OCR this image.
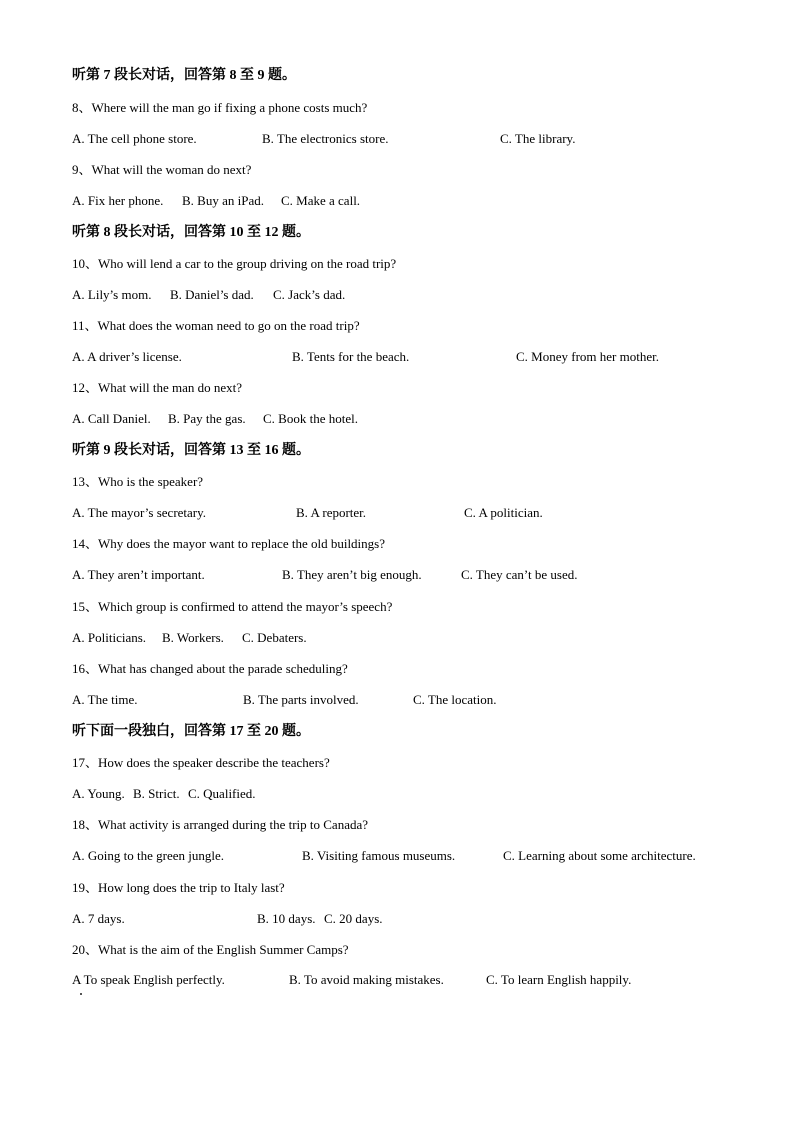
听第 7 段长对话，回答第 8 至 9 题。
8、Where will the man go if fixing a phone costs much?
A. The cell phone store.	B. The electronics store.	C. The library.
9、What will the woman do next?
A. Fix her phone. B. Buy an iPad. C. Make a call.
听第 8 段长对话，回答第 10 至 12 题。
10、Who will lend a car to the group driving on the road trip?
A. Lily’s mom. B. Daniel’s dad. C. Jack’s dad.
11、What does the woman need to go on the road trip?
A. A driver’s license.	B. Tents for the beach.	C. Money from her mother.
12、What will the man do next?
A. Call Daniel. B. Pay the gas. C. Book the hotel.
听第 9 段长对话，回答第 13 至 16 题。
13、Who is the speaker?
A. The mayor’s secretary.	B. A reporter.	C. A politician.
14、Why does the mayor want to replace the old buildings?
A. They aren’t important.	B. They aren’t big enough.	C. They can’t be used.
15、Which group is confirmed to attend the mayor’s speech?
A. Politicians. B. Workers. C. Debaters.
16、What has changed about the parade scheduling?
A. The time.	B. The parts involved.	C. The location.
听下面一段独白，回答第 17 至 20 题。
17、How does the speaker describe the teachers?
A. Young. B. Strict. C. Qualified.
18、What activity is arranged during the trip to Canada?
A. Going to the green jungle.	B. Visiting famous museums.	C. Learning about some architecture.
19、How long does the trip to Italy last?
A. 7 days.	B. 10 days. C. 20 days.
20、What is the aim of the English Summer Camps?
A To speak English perfectly.	B. To avoid making mistakes.	C. To learn English happily.
